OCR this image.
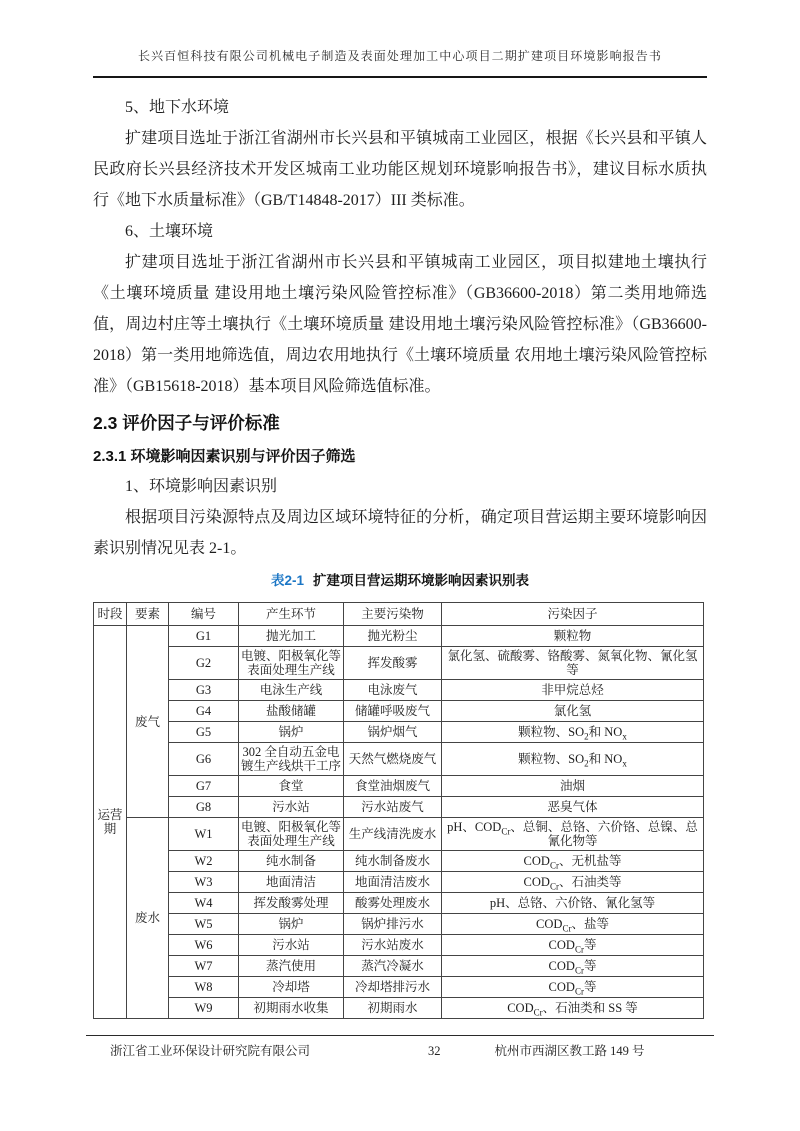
长兴百恒科技有限公司机械电子制造及表面处理加工中心项目二期扩建项目环境影响报告书

5、地下水环境

扩建项目选址于浙江省湖州市长兴县和平镇城南工业园区，根据《长兴县和平镇人民政府长兴县经济技术开发区城南工业功能区规划环境影响报告书》，建议目标水质执行《地下水质量标准》（GB/T14848-2017）III 类标准。

6、土壤环境

扩建项目选址于浙江省湖州市长兴县和平镇城南工业园区，项目拟建地土壤执行《土壤环境质量 建设用地土壤污染风险管控标准》（GB36600-2018）第二类用地筛选值，周边村庄等土壤执行《土壤环境质量 建设用地土壤污染风险管控标准》（GB36600-2018）第一类用地筛选值，周边农用地执行《土壤环境质量 农用地土壤污染风险管控标准》（GB15618-2018）基本项目风险筛选值标准。

2.3 评价因子与评价标准

2.3.1 环境影响因素识别与评价因子筛选

1、环境影响因素识别

根据项目污染源特点及周边区域环境特征的分析，确定项目营运期主要环境影响因素识别情况见表 2-1。

表2-1 扩建项目营运期环境影响因素识别表
时段	要素	编号	产生环节	主要污染物	污染因子
运营期	废气	G1	抛光加工	抛光粉尘	颗粒物
		G2	电镀、阳极氧化等表面处理生产线	挥发酸雾	氯化氢、硫酸雾、铬酸雾、氮氧化物、氰化氢等
		G3	电泳生产线	电泳废气	非甲烷总烃
		G4	盐酸储罐	储罐呼吸废气	氯化氢
		G5	锅炉	锅炉烟气	颗粒物、$SO_2$和 $NO_x$
		G6	302 全自动五金电镀生产线烘干工序	天然气燃烧废气	颗粒物、$SO_2$和 $NO_x$
		G7	食堂	食堂油烟废气	油烟
		G8	污水站	污水站废气	恶臭气体
	废水	W1	电镀、阳极氧化等表面处理生产线	生产线清洗废水	pH、$COD_{Cr}$、总铜、总铬、六价铬、总镍、总氰化物等
		W2	纯水制备	纯水制备废水	$COD_{Cr}$、无机盐等
		W3	地面清洁	地面清洁废水	$COD_{Cr}$、石油类等
		W4	挥发酸雾处理	酸雾处理废水	pH、总铬、六价铬、氰化氢等
		W5	锅炉	锅炉排污水	$COD_{Cr}$、盐等
		W6	污水站	污水站废水	$COD_{Cr}$等
		W7	蒸汽使用	蒸汽冷凝水	$COD_{Cr}$等
		W8	冷却塔	冷却塔排污水	$COD_{Cr}$等
		W9	初期雨水收集	初期雨水	$COD_{Cr}$、石油类和 SS 等
浙江省工业环保设计研究院有限公司	32	杭州市西湖区教工路 149 号
